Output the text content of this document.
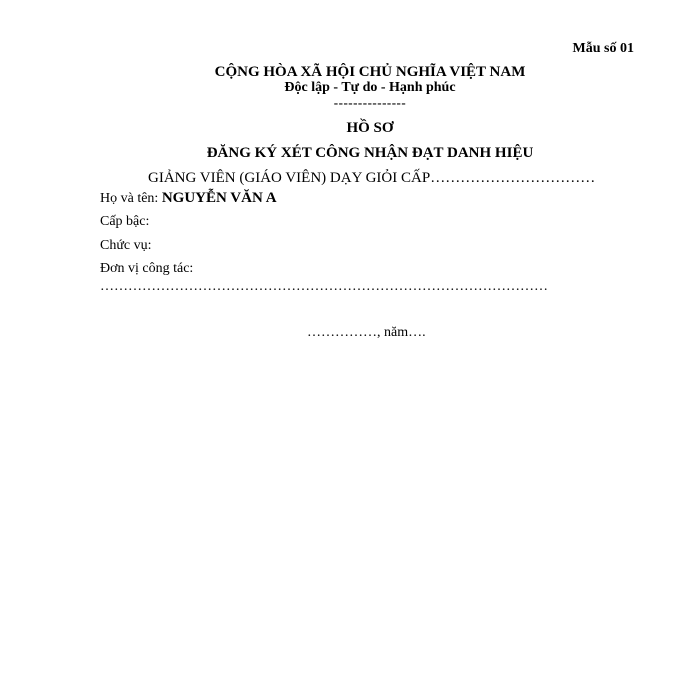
Mẫu số 01
CỘNG HÒA XÃ HỘI CHỦ NGHĨA VIỆT NAM
Độc lập - Tự do - Hạnh phúc
---------------
HỒ SƠ
ĐĂNG KÝ XÉT CÔNG NHẬN ĐẠT DANH HIỆU
GIẢNG VIÊN (GIÁO VIÊN) DẠY GIỎI CẤP……………………………
Họ và tên: NGUYỄN VĂN A
Cấp bậc:
Chức vụ:
Đơn vị công tác:
……………………………………………………………………………………
……………, năm….
